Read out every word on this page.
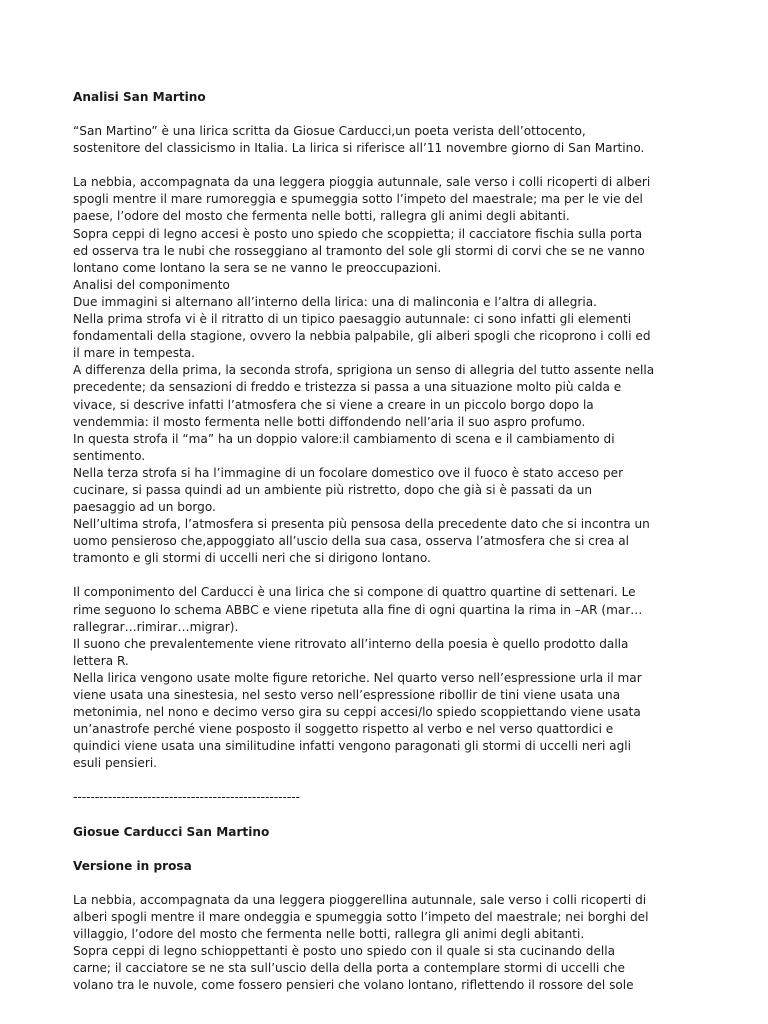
Analisi San Martino
“San Martino” è una lirica scritta da Giosue Carducci,un poeta verista dell’ottocento,
sostenitore del classicismo in Italia. La lirica si riferisce all’11 novembre giorno di San Martino.
La nebbia, accompagnata da una leggera pioggia autunnale, sale verso i colli ricoperti di alberi
spogli mentre il mare rumoreggia e spumeggia sotto l’impeto del maestrale; ma per le vie del
paese, l’odore del mosto che fermenta nelle botti, rallegra gli animi degli abitanti.
Sopra ceppi di legno accesi è posto uno spiedo che scoppietta; il cacciatore fischia sulla porta
ed osserva tra le nubi che rosseggiano al tramonto del sole gli stormi di corvi che se ne vanno
lontano come lontano la sera se ne vanno le preoccupazioni.
Analisi del componimento
Due immagini si alternano all’interno della lirica: una di malinconia e l’altra di allegria.
Nella prima strofa vi è il ritratto di un tipico paesaggio autunnale: ci sono infatti gli elementi
fondamentali della stagione, ovvero la nebbia palpabile, gli alberi spogli che ricoprono i colli ed
il mare in tempesta.
A differenza della prima, la seconda strofa, sprigiona un senso di allegria del tutto assente nella
precedente; da sensazioni di freddo e tristezza si passa a una situazione molto più calda e
vivace, si descrive infatti l’atmosfera che si viene a creare in un piccolo borgo dopo la
vendemmia: il mosto fermenta nelle botti diffondendo nell’aria il suo aspro profumo.
In questa strofa il “ma” ha un doppio valore:il cambiamento di scena e il cambiamento di
sentimento.
Nella terza strofa si ha l’immagine di un focolare domestico ove il fuoco è stato acceso per
cucinare, si passa quindi ad un ambiente più ristretto, dopo che già si è passati da un
paesaggio ad un borgo.
Nell’ultima strofa, l’atmosfera si presenta più pensosa della precedente dato che si incontra un
uomo pensieroso che,appoggiato all’uscio della sua casa, osserva l’atmosfera che si crea al
tramonto e gli stormi di uccelli neri che si dirigono lontano.
Il componimento del Carducci è una lirica che si compone di quattro quartine di settenari. Le
rime seguono lo schema ABBC e viene ripetuta alla fine di ogni quartina la rima in –AR (mar…
rallegrar…rimirar…migrar).
Il suono che prevalentemente viene ritrovato all’interno della poesia è quello prodotto dalla
lettera R.
Nella lirica vengono usate molte figure retoriche. Nel quarto verso nell’espressione urla il mar
viene usata una sinestesia, nel sesto verso nell’espressione ribollir de tini viene usata una
metonimia, nel nono e decimo verso gira su ceppi accesi/lo spiedo scoppiettando viene usata
un’anastrofe perché viene posposto il soggetto rispetto al verbo e nel verso quattordici e
quindici viene usata una similitudine infatti vengono paragonati gli stormi di uccelli neri agli
esuli pensieri.
----------------------------------------------------
Giosue Carducci San Martino
Versione in prosa
La nebbia, accompagnata da una leggera pioggerellina autunnale, sale verso i colli ricoperti di
alberi spogli mentre il mare ondeggia e spumeggia sotto l’impeto del maestrale; nei borghi del
villaggio, l’odore del mosto che fermenta nelle botti, rallegra gli animi degli abitanti.
Sopra ceppi di legno schioppettanti è posto uno spiedo con il quale si sta cucinando della
carne; il cacciatore se ne sta sull’uscio della della porta a contemplare stormi di uccelli che
volano tra le nuvole, come fossero pensieri che volano lontano, riflettendo il rossore del sole
